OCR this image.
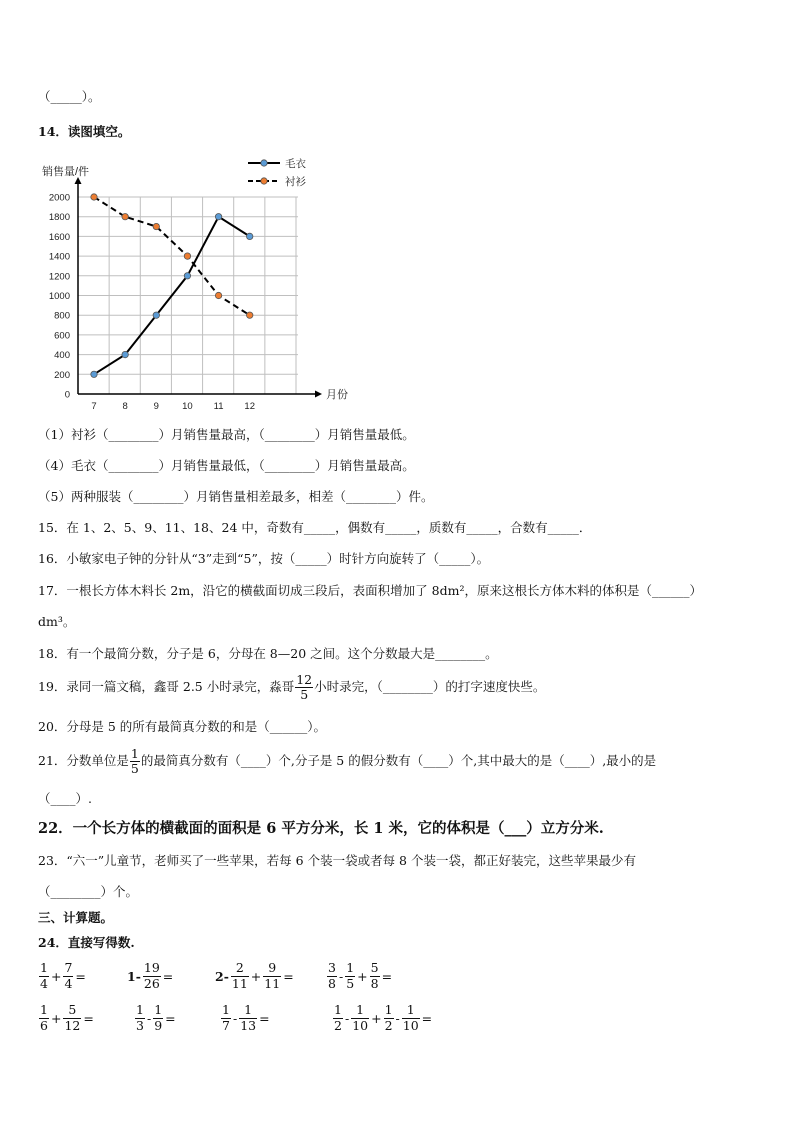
（_____）。
14．读图填空。
毛衣
衬衫
0
200
400
600
800
1000
1200
1400
1600
1800
2000
7	8	9 10 11 12
销售量/件
月份
（1）衬衫（________）月销售量最高，（________）月销售量最低。
（4）毛衣（________）月销售量最低，（________）月销售量最高。
（5）两种服装（________）月销售量相差最多，相差（________）件。
15．在 1、2、5、9、11、18、24 中，奇数有_____，偶数有_____，质数有_____，合数有_____．
16．小敏家电子钟的分针从“3”走到“5”，按（_____）时针方向旋转了（_____）。
17．一根长方体木料长 2m，沿它的横截面切成三段后，表面积增加了 8dm²，原来这根长方体木料的体积是（______）
dm³。
18．有一个最简分数，分子是 6，分母在 8—20 之间。这个分数最大是________。
19．录同一篇文稿，鑫哥 2.5 小时录完，淼哥 $\frac{12}{5}$ 小时录完，（________）的打字速度快些。
20．分母是 5 的所有最简真分数的和是（______）。
21．分数单位是 $\frac{1}{5}$ 的最简真分数有（____）个,分子是 5 的假分数有（____）个,其中最大的是（____）,最小的是
（____）.
22．一个长方体的横截面的面积是 6 平方分米，长 1 米，它的体积是（___）立方分米.
23．“六一”儿童节，老师买了一些苹果，若每 6 个装一袋或者每 8 个装一袋，都正好装完，这些苹果最少有
（________）个。
三、计算题。
24．直接写得数.
$\frac{1}{4} + \frac{7}{4}$ =	$1- \frac{19}{26}$ =	$2- \frac{2}{11} + \frac{9}{11}$ =	$\frac{3}{8} - \frac{1}{5} + \frac{5}{8}$ =
$\frac{1}{6} + \frac{5}{12}$ =	$\frac{1}{3} - \frac{1}{9}$ =	$\frac{1}{7} - \frac{1}{13}$ =	$\frac{1}{2} - \frac{1}{10} + \frac{1}{2} - \frac{1}{10}$ =
